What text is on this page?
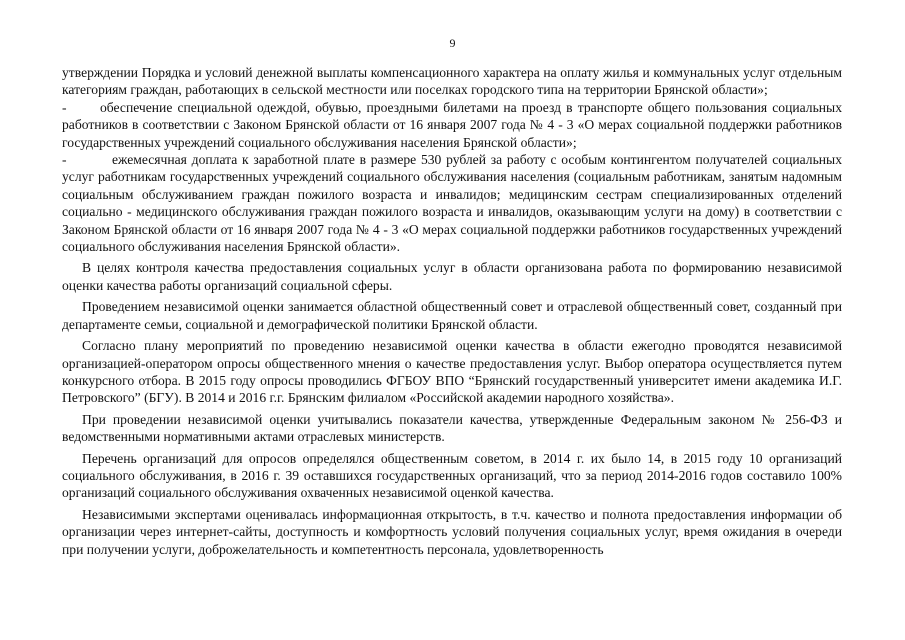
9

утверждении Порядка и условий денежной выплаты компенсационного характера на оплату жилья и коммунальных услуг отдельным категориям граждан, работающих в сельской местности или поселках городского типа на территории Брянской области»;

- обеспечение специальной одеждой, обувью, проездными билетами на проезд в транспорте общего пользования социальных работников в соответствии с Законом Брянской области от 16 января 2007 года № 4 - 3 «О мерах социальной поддержки работников государственных учреждений социального обслуживания населения Брянской области»;

-	ежемесячная доплата к заработной плате в размере 530 рублей за работу с особым контингентом получателей социальных услуг работникам государственных учреждений социального обслуживания населения (социальным работникам, занятым надомным социальным обслуживанием граждан пожилого возраста и инвалидов; медицинским сестрам специализированных отделений социально - медицинского обслуживания граждан пожилого возраста и инвалидов, оказывающим услуги на дому) в соответствии с Законом Брянской области от 16 января 2007 года № 4 - 3 «О мерах социальной поддержки работников государственных учреждений социального обслуживания населения Брянской области».

В целях контроля качества предоставления социальных услуг в области организована работа по формированию независимой оценки качества работы организаций социальной сферы.

Проведением независимой оценки занимается областной общественный совет и отраслевой общественный совет, созданный при департаменте семьи, социальной и демографической политики Брянской области.

Согласно плану мероприятий по проведению независимой оценки качества в области ежегодно проводятся независимой организацией-оператором опросы общественного мнения о качестве предоставления услуг. Выбор оператора осуществляется путем конкурсного отбора. В 2015 году опросы проводились ФГБОУ ВПО “Брянский государственный университет имени академика И.Г. Петровского” (БГУ). В 2014 и 2016 г.г. Брянским филиалом «Российской академии народного хозяйства».

При проведении независимой оценки учитывались показатели качества, утвержденные Федеральным законом № 256-ФЗ и ведомственными нормативными актами отраслевых министерств.

Перечень организаций для опросов определялся общественным советом, в 2014 г. их было 14, в 2015 году 10 организаций социального обслуживания, в 2016 г. 39 оставшихся государственных организаций, что за период 2014-2016 годов составило 100% организаций социального обслуживания охваченных независимой оценкой качества.

Независимыми экспертами оценивалась информационная открытость, в т.ч. качество и полнота предоставления информации об организации через интернет-сайты, доступность и комфортность условий получения социальных услуг, время ожидания в очереди при получении услуги, доброжелательность и компетентность персонала, удовлетворенность
